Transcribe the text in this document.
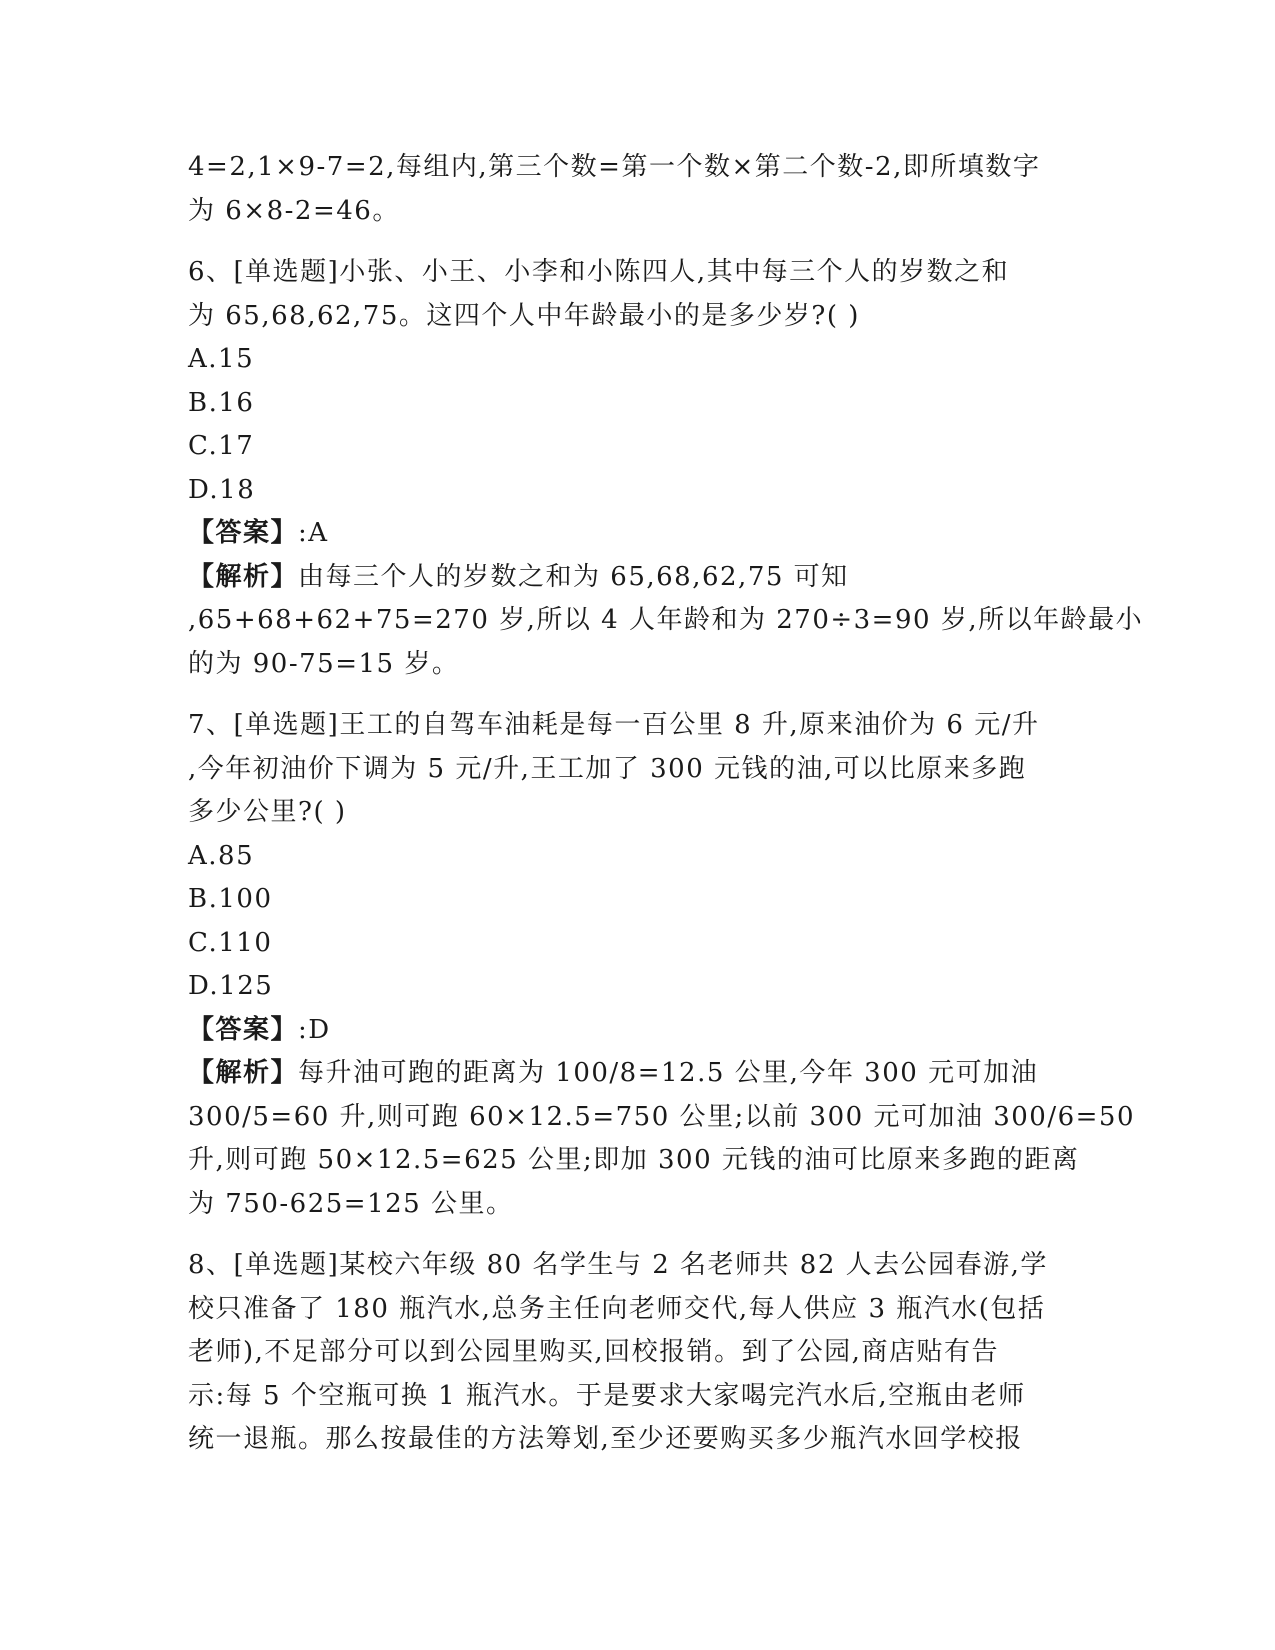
4=2,1×9-7=2,每组内,第三个数=第一个数×第二个数-2,即所填数字
为 6×8-2=46。
6、[单选题]小张、小王、小李和小陈四人,其中每三个人的岁数之和
为 65,68,62,75。这四个人中年龄最小的是多少岁?( )
A.15
B.16
C.17
D.18
【答案】:A
【解析】由每三个人的岁数之和为 65,68,62,75 可知
,65+68+62+75=270 岁,所以 4 人年龄和为 270÷3=90 岁,所以年龄最小
的为 90-75=15 岁。
7、[单选题]王工的自驾车油耗是每一百公里 8 升,原来油价为 6 元/升
,今年初油价下调为 5 元/升,王工加了 300 元钱的油,可以比原来多跑
多少公里?( )
A.85
B.100
C.110
D.125
【答案】:D
【解析】每升油可跑的距离为 100/8=12.5 公里,今年 300 元可加油
300/5=60 升,则可跑 60×12.5=750 公里;以前 300 元可加油 300/6=50
升,则可跑 50×12.5=625 公里;即加 300 元钱的油可比原来多跑的距离
为 750-625=125 公里。
8、[单选题]某校六年级 80 名学生与 2 名老师共 82 人去公园春游,学
校只准备了 180 瓶汽水,总务主任向老师交代,每人供应 3 瓶汽水(包括
老师),不足部分可以到公园里购买,回校报销。到了公园,商店贴有告
示:每 5 个空瓶可换 1 瓶汽水。于是要求大家喝完汽水后,空瓶由老师
统一退瓶。那么按最佳的方法筹划,至少还要购买多少瓶汽水回学校报
